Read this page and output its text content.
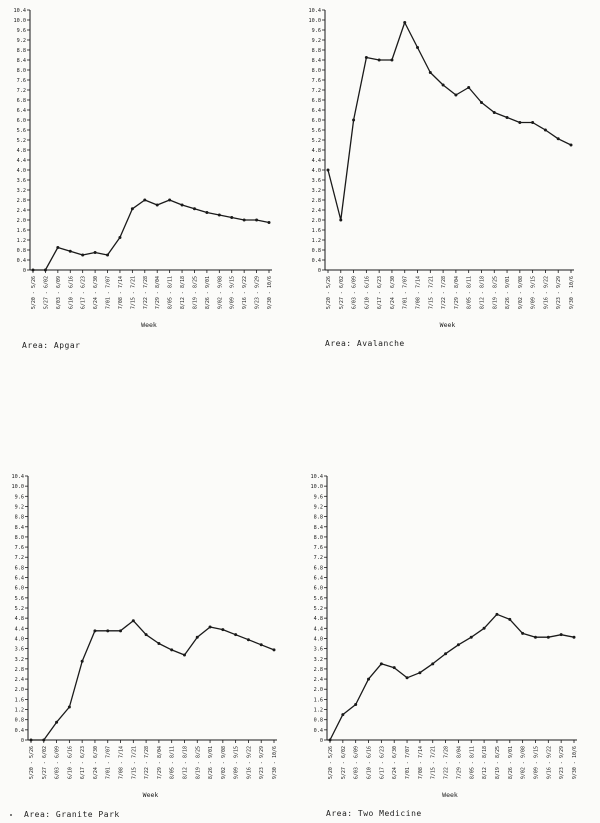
0
0.4
0.8
1.2
1.6
2.0
2.4
2.8
3.2
3.6
4.0
4.4
4.8
5.2
5.6
6.0
6.4
6.8
7.2
7.6
8.0
8.4
8.8
9.2
9.6
10.0
10.4
5/20 - 5/26 5/27 - 6/02 6/03 - 6/09 6/10 - 6/16 6/17 - 6/23 6/24 - 6/30 7/01 - 7/07 7/08 - 7/14 7/15 - 7/21 7/22 - 7/28 7/29 - 8/04 8/05 - 8/11 8/12 - 8/18 8/19 - 8/25 8/26 - 9/01 9/02 - 9/08 9/09 - 9/15 9/16 - 9/22 9/23 - 9/29 9/30 - 10/6
Week
Area: Apgar
0
0.4
0.8
1.2
1.6
2.0
2.4
2.8
3.2
3.6
4.0
4.4
4.8
5.2
5.6
6.0
6.4
6.8
7.2
7.6
8.0
8.4
8.8
9.2
9.6
10.0
10.4
5/20 - 5/26 5/27 - 6/02 6/03 - 6/09 6/10 - 6/16 6/17 - 6/23 6/24 - 6/30 7/01 - 7/07 7/08 - 7/14 7/15 - 7/21 7/22 - 7/28 7/29 - 8/04 8/05 - 8/11 8/12 - 8/18 8/19 - 8/25 8/26 - 9/01 9/02 - 9/08 9/09 - 9/15 9/16 - 9/22 9/23 - 9/29 9/30 - 10/6
Week
Area: Avalanche
0
0.4
0.8
1.2
1.6
2.0
2.4
2.8
3.2
3.6
4.0
4.4
4.8
5.2
5.6
6.0
6.4
6.8
7.2
7.6
8.0
8.4
8.8
9.2
9.6
10.0
10.4
5/20 - 5/26 5/27 - 6/02 6/03 - 6/09 6/10 - 6/16 6/17 - 6/23 6/24 - 6/30 7/01 - 7/07 7/08 - 7/14 7/15 - 7/21 7/22 - 7/28 7/29 - 8/04 8/05 - 8/11 8/12 - 8/18 8/19 - 8/25 8/26 - 9/01 9/02 - 9/08 9/09 - 9/15 9/16 - 9/22 9/23 - 9/29 9/30 - 10/6
Week
Area: Granite Park
0
0.4
0.8
1.2
1.6
2.0
2.4
2.8
3.2
3.6
4.0
4.4
4.8
5.2
5.6
6.0
6.4
6.8
7.2
7.6
8.0
8.4
8.8
9.2
9.6
10.0
10.4
5/20 - 5/26 5/27 - 6/02 6/03 - 6/09 6/10 - 6/16 6/17 - 6/23 6/24 - 6/30 7/01 - 7/07 7/08 - 7/14 7/15 - 7/21 7/22 - 7/28 7/29 - 8/04 8/05 - 8/11 8/12 - 8/18 8/19 - 8/25 8/26 - 9/01 9/02 - 9/08 9/09 - 9/15 9/16 - 9/22 9/23 - 9/29 9/30 - 10/6
Week
Area: Two Medicine
